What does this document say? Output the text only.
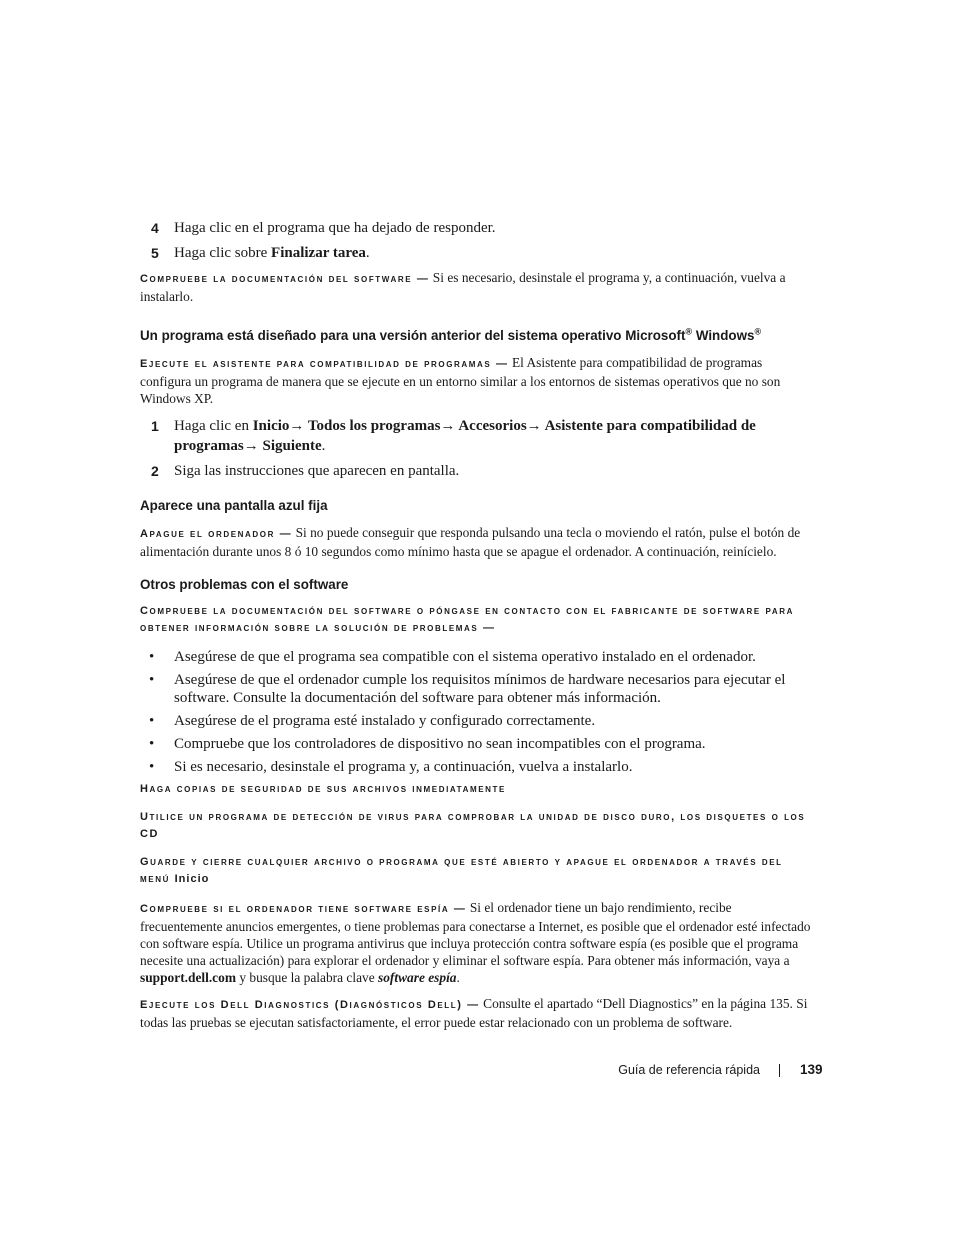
4 Haga clic en el programa que ha dejado de responder.
5 Haga clic sobre Finalizar tarea.

Compruebe la documentación del software — Si es necesario, desinstale el programa y, a continuación, vuelva a instalarlo.

Un programa está diseñado para una versión anterior del sistema operativo Microsoft® Windows®

Ejecute el asistente para compatibilidad de programas — El Asistente para compatibilidad de programas configura un programa de manera que se ejecute en un entorno similar a los entornos de sistemas operativos que no son Windows XP.

1 Haga clic en Inicio→ Todos los programas→ Accesorios→ Asistente para compatibilidad de programas→ Siguiente.
2 Siga las instrucciones que aparecen en pantalla.
Aparece una pantalla azul fija

Apague el ordenador — Si no puede conseguir que responda pulsando una tecla o moviendo el ratón, pulse el botón de alimentación durante unos 8 ó 10 segundos como mínimo hasta que se apague el ordenador. A continuación, reinícielo.

Otros problemas con el software

Compruebe la documentación del software o póngase en contacto con el fabricante de software para obtener información sobre la solución de problemas —

• Asegúrese de que el programa sea compatible con el sistema operativo instalado en el ordenador.
• Asegúrese de que el ordenador cumple los requisitos mínimos de hardware necesarios para ejecutar el software. Consulte la documentación del software para obtener más información.
• Asegúrese de el programa esté instalado y configurado correctamente.
• Compruebe que los controladores de dispositivo no sean incompatibles con el programa.
• Si es necesario, desinstale el programa y, a continuación, vuelva a instalarlo.

Haga copias de seguridad de sus archivos inmediatamente

Utilice un programa de detección de virus para comprobar la unidad de disco duro, los disquetes o los CD

Guarde y cierre cualquier archivo o programa que esté abierto y apague el ordenador a través del menú Inicio

Compruebe si el ordenador tiene software espía — Si el ordenador tiene un bajo rendimiento, recibe frecuentemente anuncios emergentes, o tiene problemas para conectarse a Internet, es posible que el ordenador esté infectado con software espía. Utilice un programa antivirus que incluya protección contra software espía (es posible que el programa necesite una actualización) para explorar el ordenador y eliminar el software espía. Para obtener más información, vaya a support.dell.com y busque la palabra clave software espía.

Ejecute los Dell Diagnostics (Diagnósticos Dell) — Consulte el apartado “Dell Diagnostics” en la página 135. Si todas las pruebas se ejecutan satisfactoriamente, el error puede estar relacionado con un problema de software.

Guía de referencia rápida	139
